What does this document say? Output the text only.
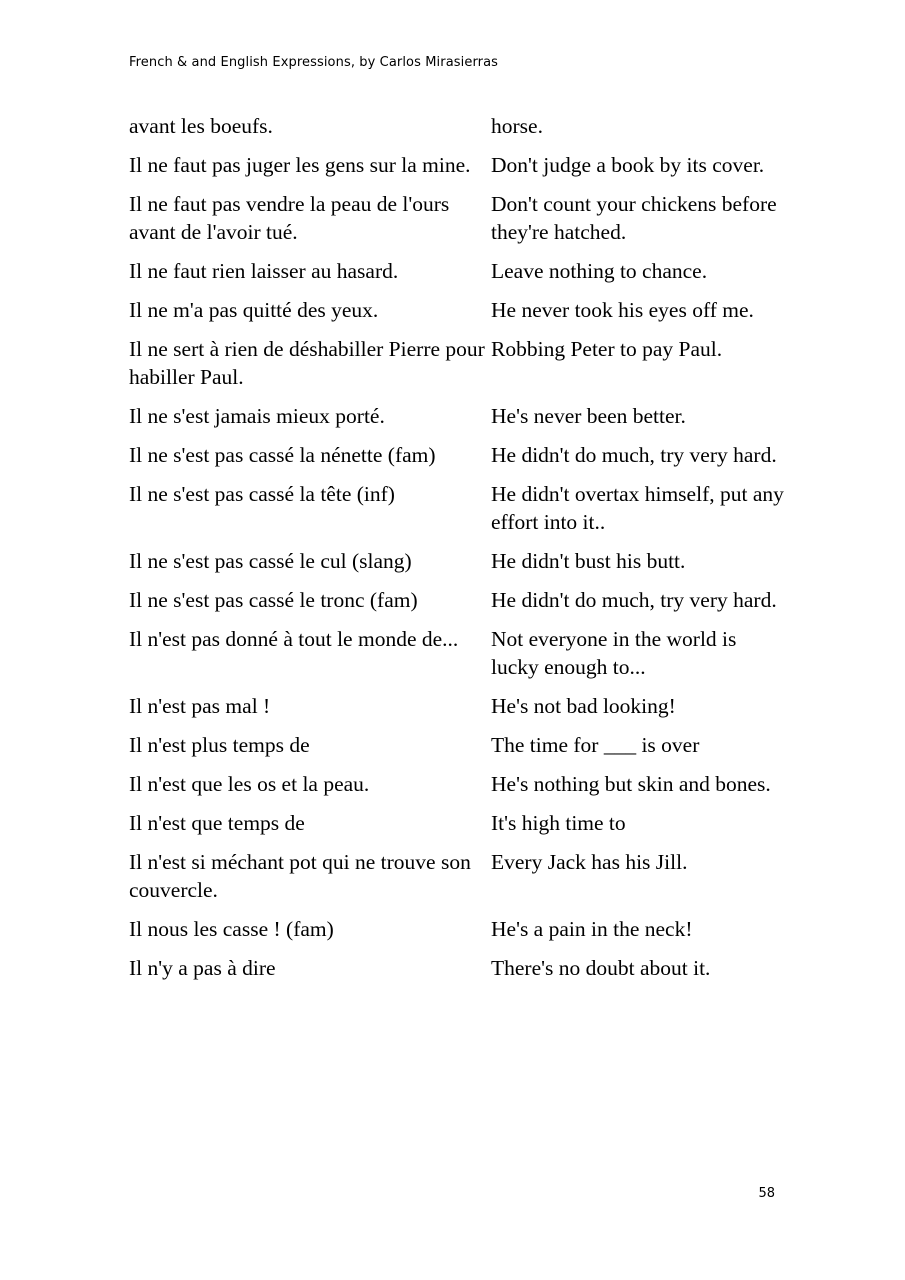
French & and English Expressions, by Carlos Mirasierras
avant les boeufs.	horse.
Il ne faut pas juger les gens sur la mine.	Don't judge a book by its cover.
Il ne faut pas vendre la peau de l'ours avant de l'avoir tué.	Don't count your chickens before they're hatched.
Il ne faut rien laisser au hasard.	Leave nothing to chance.
Il ne m'a pas quitté des yeux.	He never took his eyes off me.
Il ne sert à rien de déshabiller Pierre pour habiller Paul.	Robbing Peter to pay Paul.
Il ne s'est jamais mieux porté.	He's never been better.
Il ne s'est pas cassé la nénette (fam)	He didn't do much, try very hard.
Il ne s'est pas cassé la tête (inf)	He didn't overtax himself, put any effort into it..
Il ne s'est pas cassé le cul (slang)	He didn't bust his butt.
Il ne s'est pas cassé le tronc (fam)	He didn't do much, try very hard.
Il n'est pas donné à tout le monde de...	Not everyone in the world is lucky enough to...
Il n'est pas mal !	He's not bad looking!
Il n'est plus temps de	The time for ___ is over
Il n'est que les os et la peau.	He's nothing but skin and bones.
Il n'est que temps de	It's high time to
Il n'est si méchant pot qui ne trouve son couvercle.	Every Jack has his Jill.
Il nous les casse ! (fam)	He's a pain in the neck!
Il n'y a pas à dire	There's no doubt about it.
58
